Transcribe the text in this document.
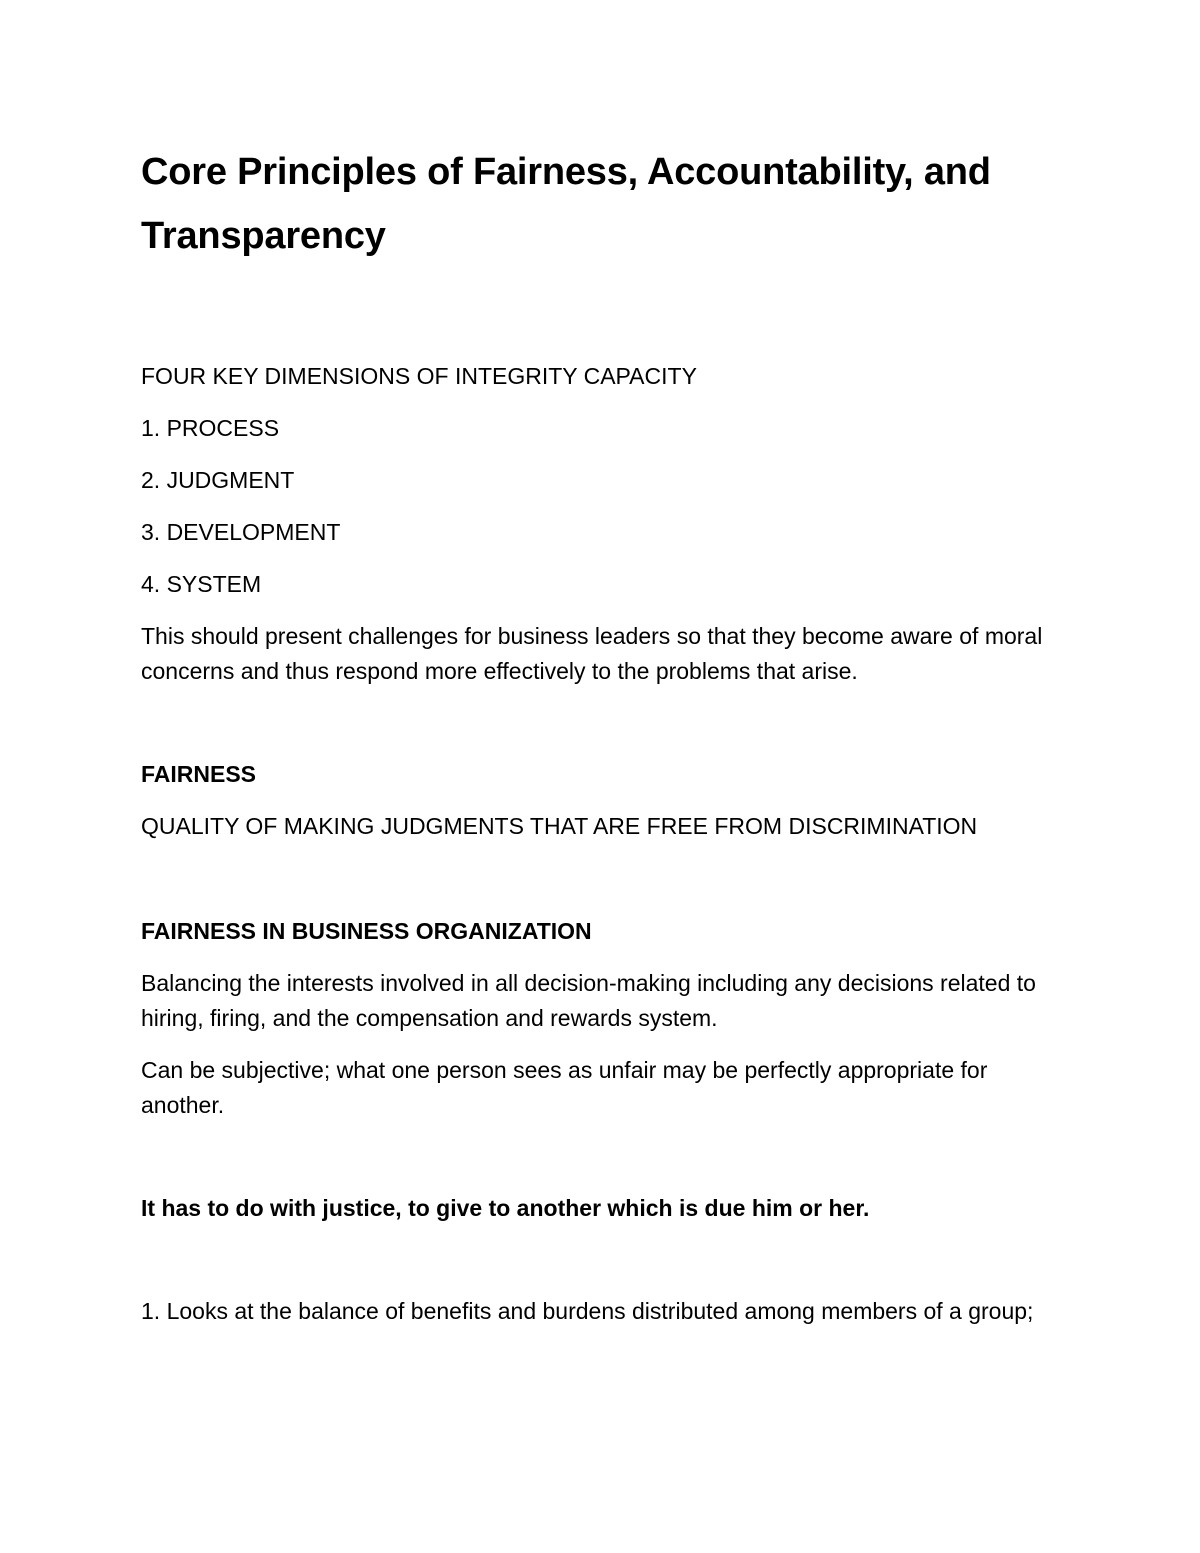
Core Principles of Fairness, Accountability, and Transparency

FOUR KEY DIMENSIONS OF INTEGRITY CAPACITY

1. PROCESS

2. JUDGMENT

3. DEVELOPMENT

4. SYSTEM

This should present challenges for business leaders so that they become aware of moral concerns and thus respond more effectively to the problems that arise.

FAIRNESS

QUALITY OF MAKING JUDGMENTS THAT ARE FREE FROM DISCRIMINATION

FAIRNESS IN BUSINESS ORGANIZATION

Balancing the interests involved in all decision-making including any decisions related to hiring, firing, and the compensation and rewards system.

Can be subjective; what one person sees as unfair may be perfectly appropriate for another.

It has to do with justice, to give to another which is due him or her.

1. Looks at the balance of benefits and burdens distributed among members of a group;
